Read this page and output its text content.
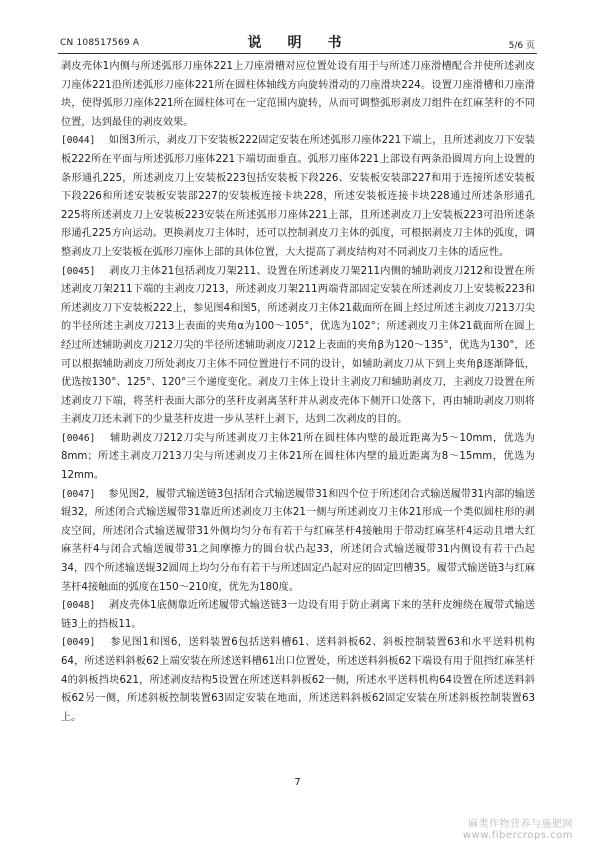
CN 108517569 A	说　明　书	5/6 页

剥皮壳体1内侧与所述弧形刀座体221上刀座滑槽对应位置处设有用于与所述刀座滑槽配合并使所述剥皮刀座体221沿所述弧形刀座体221所在圆柱体轴线方向旋转滑动的刀座滑块224。设置刀座滑槽和刀座滑块，使得弧形刀座体221所在圆柱体可在一定范围内旋转，从而可调整弧形剥皮刀组件在红麻茎秆的不同位置，达到最佳的剥皮效果。

[0044] 如图3所示，剥皮刀下安装板222固定安装在所述弧形刀座体221下端上，且所述剥皮刀下安装板222所在平面与所述弧形刀座体221下端切面垂直。弧形刀座体221上部设有两条沿圆周方向上设置的条形通孔225，所述剥皮刀上安装板223包括安装板下段226、安装板安装部227和用于连接所述安装板下段226和所述安装板安装部227的安装板连接卡块228，所述安装板连接卡块228通过所述条形通孔225将所述剥皮刀上安装板223安装在所述弧形刀座体221上部，且所述剥皮刀上安装板223可沿所述条形通孔225方向运动。更换剥皮刀主体时，还可以控制剥皮刀主体的弧度，可根据剥皮刀主体的弧度，调整剥皮刀上安装板在弧形刀座体上部的具体位置，大大提高了剥皮结构对不同剥皮刀主体的适应性。

[0045] 剥皮刀主体21包括剥皮刀架211、设置在所述剥皮刀架211内侧的辅助剥皮刀212和设置在所述剥皮刀架211下端的主剥皮刀213，所述剥皮刀架211两端背部固定安装在所述剥皮刀上安装板223和所述剥皮刀下安装板222上，参见图4和图5，所述剥皮刀主体21截面所在圆上经过所述主剥皮刀213刀尖的半径所述主剥皮刀213上表面的夹角α为100～105°，优选为102°；所述剥皮刀主体21截面所在圆上经过所述辅助剥皮刀212刀尖的半径所述辅助剥皮刀212上表面的夹角β为120～135°，优选为130°，还可以根据辅助剥皮刀所处剥皮刀主体不同位置进行不同的设计，如辅助剥皮刀从下到上夹角β逐渐降低，优选按130°、125°、120°三个递度变化。剥皮刀主体上设计主剥皮刀和辅助剥皮刀，主剥皮刀设置在所述剥皮刀下端，将茎杆表面大部分的茎秆皮剥离茎秆并从剥皮壳体下侧开口处落下，再由辅助剥皮刀则将主剥皮刀还未剥下的少量茎秆皮进一步从茎杆上剥下，达到二次剥皮的目的。

[0046] 辅助剥皮刀212刀尖与所述剥皮刀主体21所在圆柱体内壁的最近距离为5～10mm，优选为8mm；所述主剥皮刀213刀尖与所述剥皮刀主体21所在圆柱体内壁的最近距离为8～15mm，优选为12mm。

[0047] 参见图2，履带式输送链3包括闭合式输送履带31和四个位于所述闭合式输送履带31内部的输送辊32，所述闭合式输送履带31靠近所述剥皮刀主体21一侧与所述剥皮刀主体21形成一个类似圆柱形的剥皮空间，所述闭合式输送履带31外侧均匀分布有若干与红麻茎杆4接触用于带动红麻茎杆4运动且增大红麻茎杆4与闭合式输送履带31之间摩擦力的圆台状凸起33，所述闭合式输送履带31内侧设有若干凸起34，四个所述输送辊32圆周上均匀分布有若干与所述固定凸起对应的固定凹槽35。履带式输送链3与红麻茎杆4接触面的弧度在150～210度，优先为180度。

[0048] 剥皮壳体1底侧靠近所述履带式输送链3一边设有用于防止剥离下来的茎秆皮缠绕在履带式输送链3上的挡板11。

[0049] 参见图1和图6，送料装置6包括送料槽61、送料斜板62、斜板控制装置63和水平送料机构64，所述送料斜板62上端安装在所述送料槽61出口位置处，所述送料斜板62下端设有用于阻挡红麻茎杆4的斜板挡块621，所述剥皮结构5设置在所述送料斜板62一侧，所述水平送料机构64设置在所述送料斜板62另一侧，所述斜板控制装置63固定安装在地面，所述送料斜板62固定安装在所述斜板控制装置63上。

7
麻类作物营养与施肥网
www.fibercrops.com
